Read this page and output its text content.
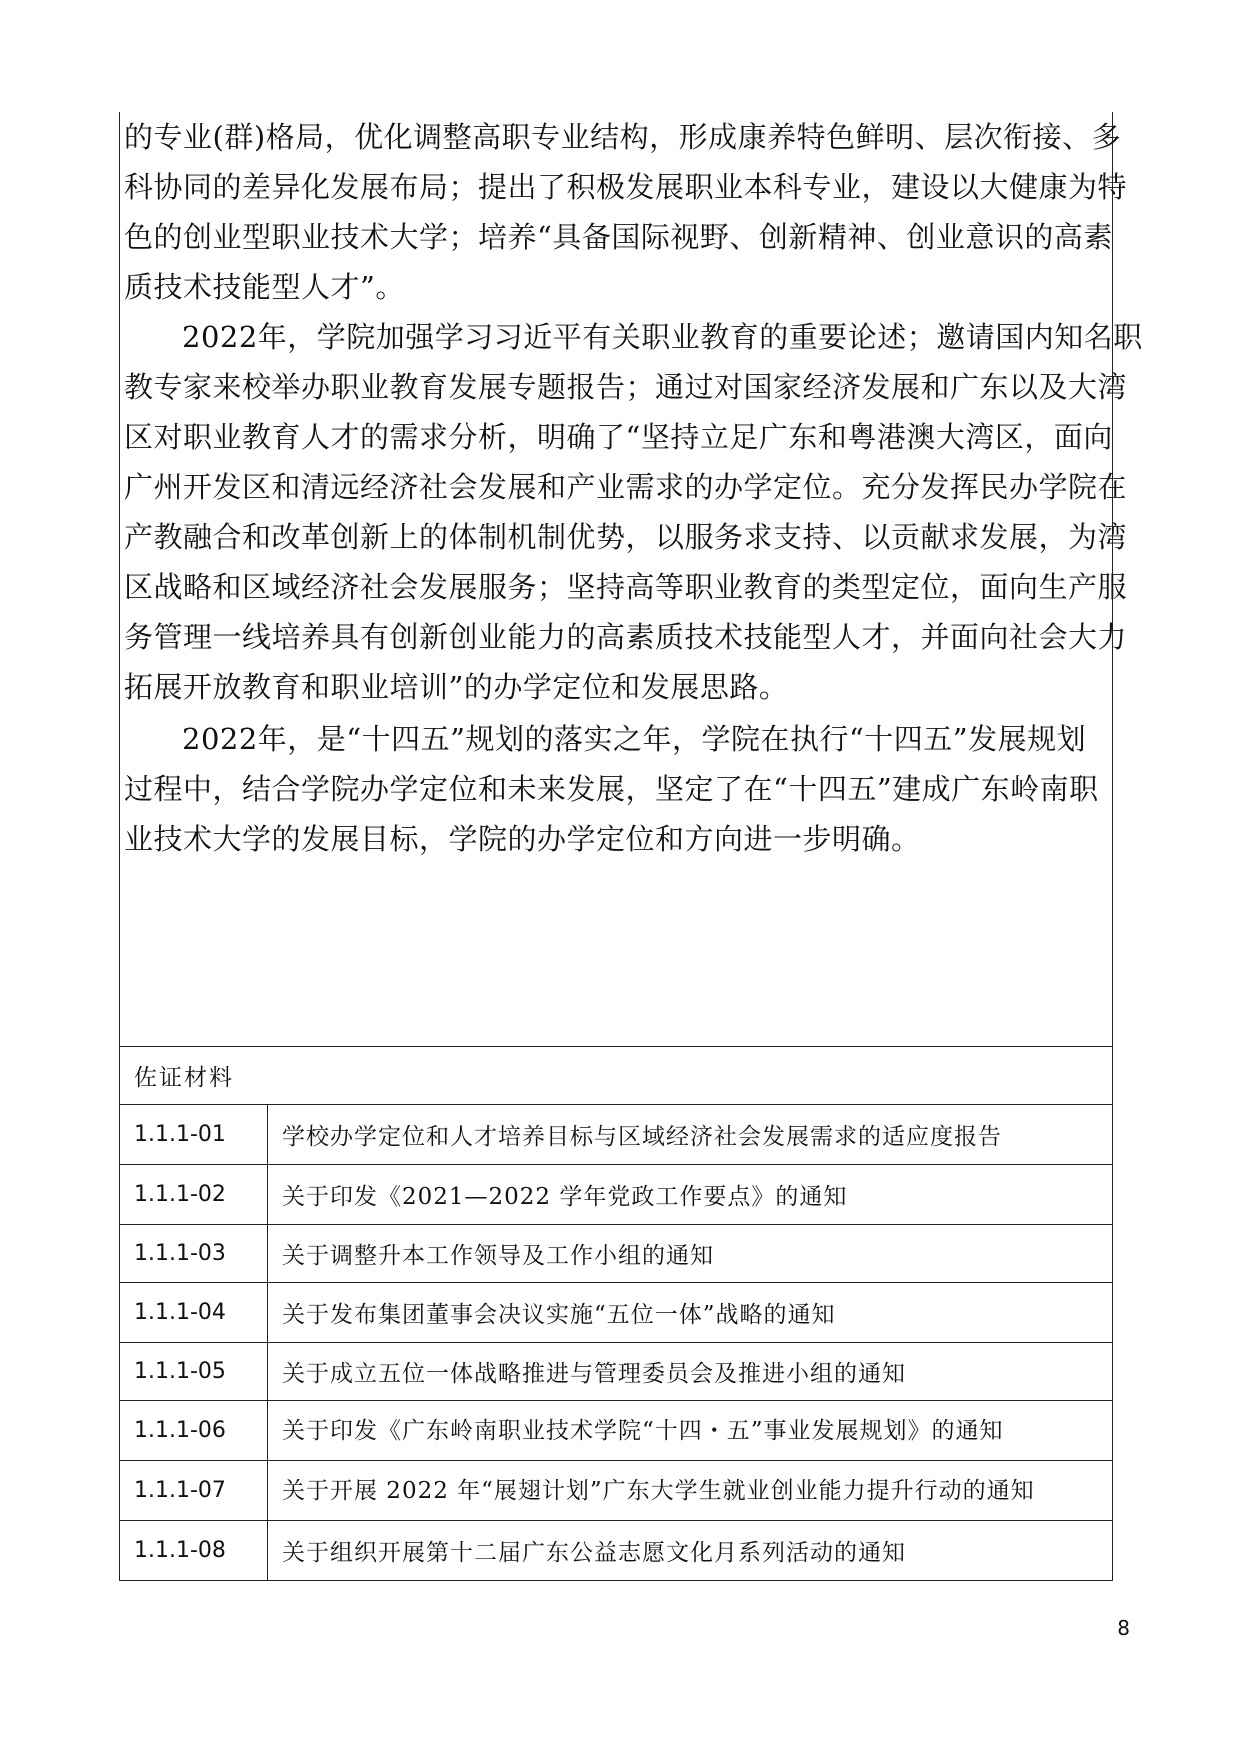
的专业(群)格局，优化调整高职专业结构，形成康养特色鲜明、层次衔接、多
科协同的差异化发展布局；提出了积极发展职业本科专业，建设以大健康为特
色的创业型职业技术大学；培养“具备国际视野、创新精神、创业意识的高素
质技术技能型人才”。
2022年，学院加强学习习近平有关职业教育的重要论述；邀请国内知名职
教专家来校举办职业教育发展专题报告；通过对国家经济发展和广东以及大湾
区对职业教育人才的需求分析，明确了“坚持立足广东和粤港澳大湾区，面向
广州开发区和清远经济社会发展和产业需求的办学定位。充分发挥民办学院在
产教融合和改革创新上的体制机制优势，以服务求支持、以贡献求发展，为湾
区战略和区域经济社会发展服务；坚持高等职业教育的类型定位，面向生产服
务管理一线培养具有创新创业能力的高素质技术技能型人才，并面向社会大力
拓展开放教育和职业培训”的办学定位和发展思路。
2022年，是“十四五”规划的落实之年，学院在执行“十四五”发展规划
过程中，结合学院办学定位和未来发展，坚定了在“十四五”建成广东岭南职
业技术大学的发展目标，学院的办学定位和方向进一步明确。
佐证材料	
1.1.1-01	学校办学定位和人才培养目标与区域经济社会发展需求的适应度报告
1.1.1-02	关于印发《2021—2022 学年党政工作要点》的通知
1.1.1-03	关于调整升本工作领导及工作小组的通知
1.1.1-04	关于发布集团董事会决议实施“五位一体”战略的通知
1.1.1-05	关于成立五位一体战略推进与管理委员会及推进小组的通知
1.1.1-06	关于印发《广东岭南职业技术学院“十四・五”事业发展规划》的通知
1.1.1-07	关于开展 2022 年“展翅计划”广东大学生就业创业能力提升行动的通知
1.1.1-08	关于组织开展第十二届广东公益志愿文化月系列活动的通知
8
